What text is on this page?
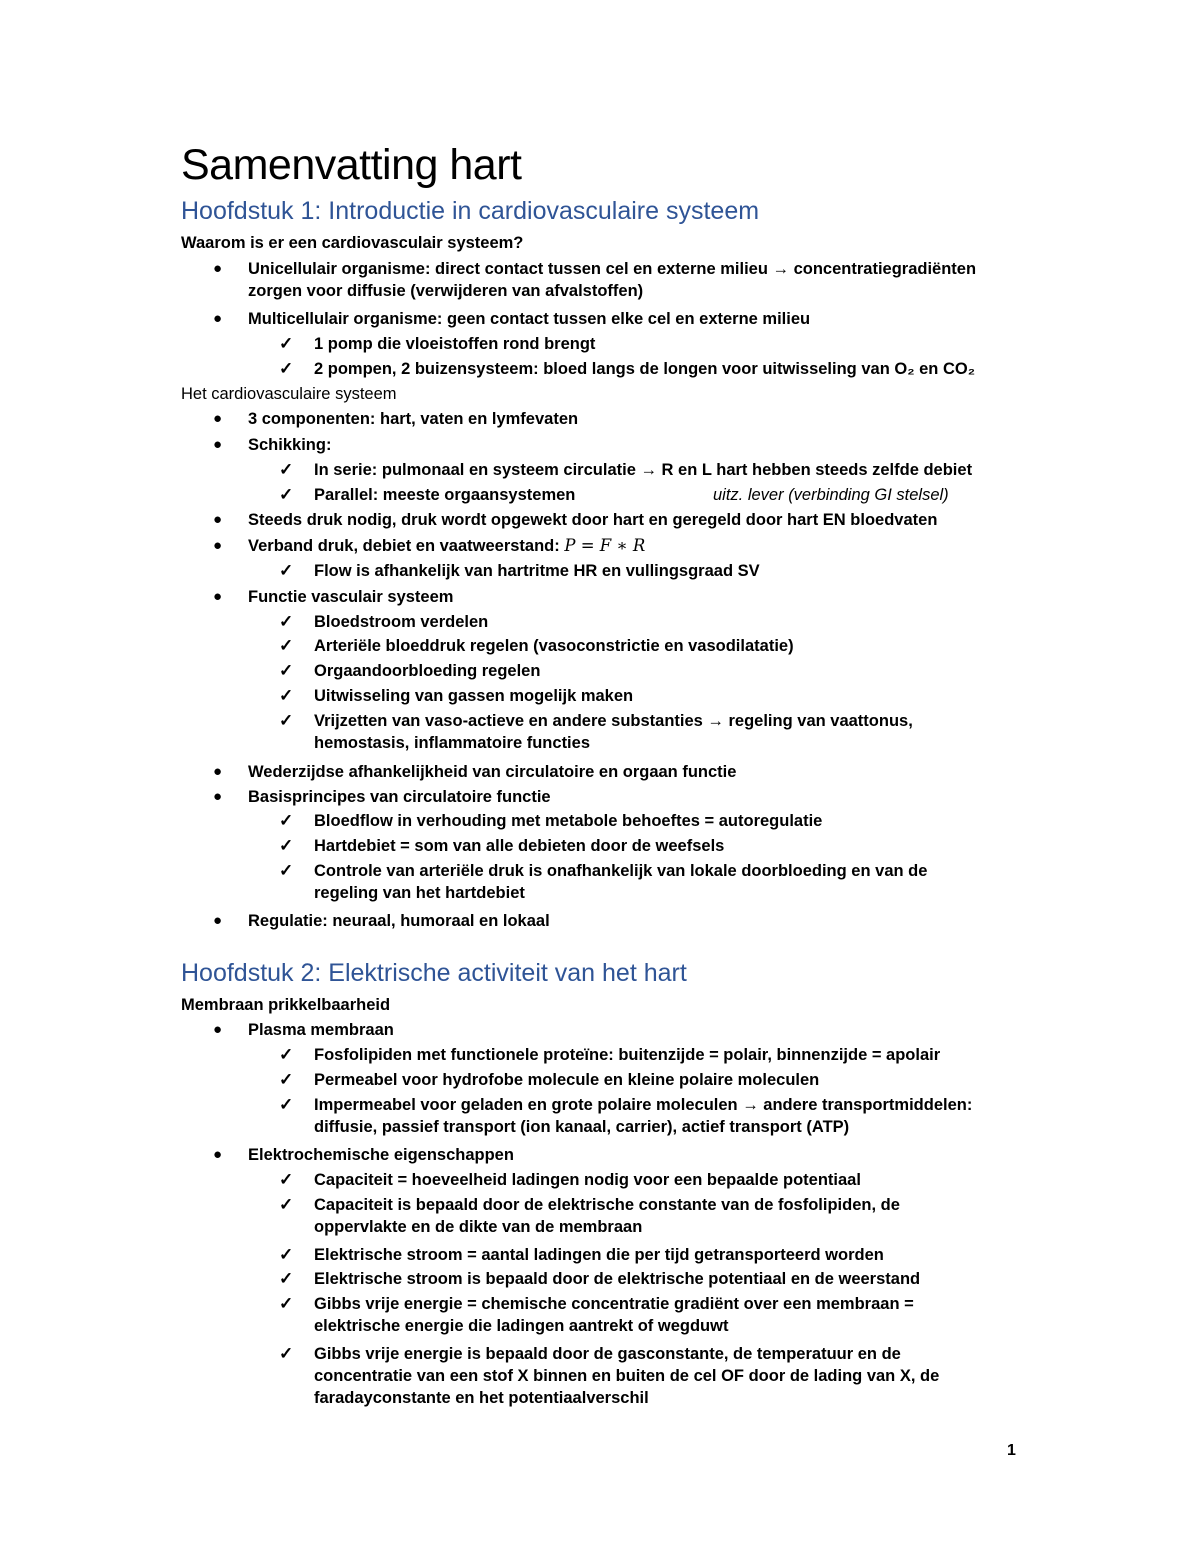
Samenvatting hart
Hoofdstuk 1: Introductie in cardiovasculaire systeem
Waarom is er een cardiovasculair systeem?
● Unicellulair organisme: direct contact tussen cel en externe milieu → concentratiegradiënten
zorgen voor diffusie (verwijderen van afvalstoffen)
● Multicellulair organisme: geen contact tussen elke cel en externe milieu
✓ 1 pomp die vloeistoffen rond brengt
✓ 2 pompen, 2 buizensysteem: bloed langs de longen voor uitwisseling van O₂ en CO₂
Het cardiovasculaire systeem
● 3 componenten: hart, vaten en lymfevaten
● Schikking:
✓ In serie: pulmonaal en systeem circulatie → R en L hart hebben steeds zelfde debiet
✓ Parallel: meeste orgaansystemen	uitz. lever (verbinding GI stelsel)
● Steeds druk nodig, druk wordt opgewekt door hart en geregeld door hart EN bloedvaten
● Verband druk, debiet en vaatweerstand: P = F ∗ R
✓ Flow is afhankelijk van hartritme HR en vullingsgraad SV
● Functie vasculair systeem
✓ Bloedstroom verdelen
✓ Arteriële bloeddruk regelen (vasoconstrictie en vasodilatatie)
✓ Orgaandoorbloeding regelen
✓ Uitwisseling van gassen mogelijk maken
✓ Vrijzetten van vaso-actieve en andere substanties → regeling van vaattonus,
hemostasis, inflammatoire functies
● Wederzijdse afhankelijkheid van circulatoire en orgaan functie
● Basisprincipes van circulatoire functie
✓ Bloedflow in verhouding met metabole behoeftes = autoregulatie
✓ Hartdebiet = som van alle debieten door de weefsels
✓ Controle van arteriële druk is onafhankelijk van lokale doorbloeding en van de
regeling van het hartdebiet
● Regulatie: neuraal, humoraal en lokaal
Hoofdstuk 2: Elektrische activiteit van het hart
Membraan prikkelbaarheid
● Plasma membraan
✓ Fosfolipiden met functionele proteïne: buitenzijde = polair, binnenzijde = apolair
✓ Permeabel voor hydrofobe molecule en kleine polaire moleculen
✓ Impermeabel voor geladen en grote polaire moleculen → andere transportmiddelen:
diffusie, passief transport (ion kanaal, carrier), actief transport (ATP)
● Elektrochemische eigenschappen
✓ Capaciteit = hoeveelheid ladingen nodig voor een bepaalde potentiaal
✓ Capaciteit is bepaald door de elektrische constante van de fosfolipiden, de
oppervlakte en de dikte van de membraan
✓ Elektrische stroom = aantal ladingen die per tijd getransporteerd worden
✓ Elektrische stroom is bepaald door de elektrische potentiaal en de weerstand
✓ Gibbs vrije energie = chemische concentratie gradiënt over een membraan =
elektrische energie die ladingen aantrekt of wegduwt
✓ Gibbs vrije energie is bepaald door de gasconstante, de temperatuur en de
concentratie van een stof X binnen en buiten de cel OF door de lading van X, de
faradayconstante en het potentiaalverschil
1
